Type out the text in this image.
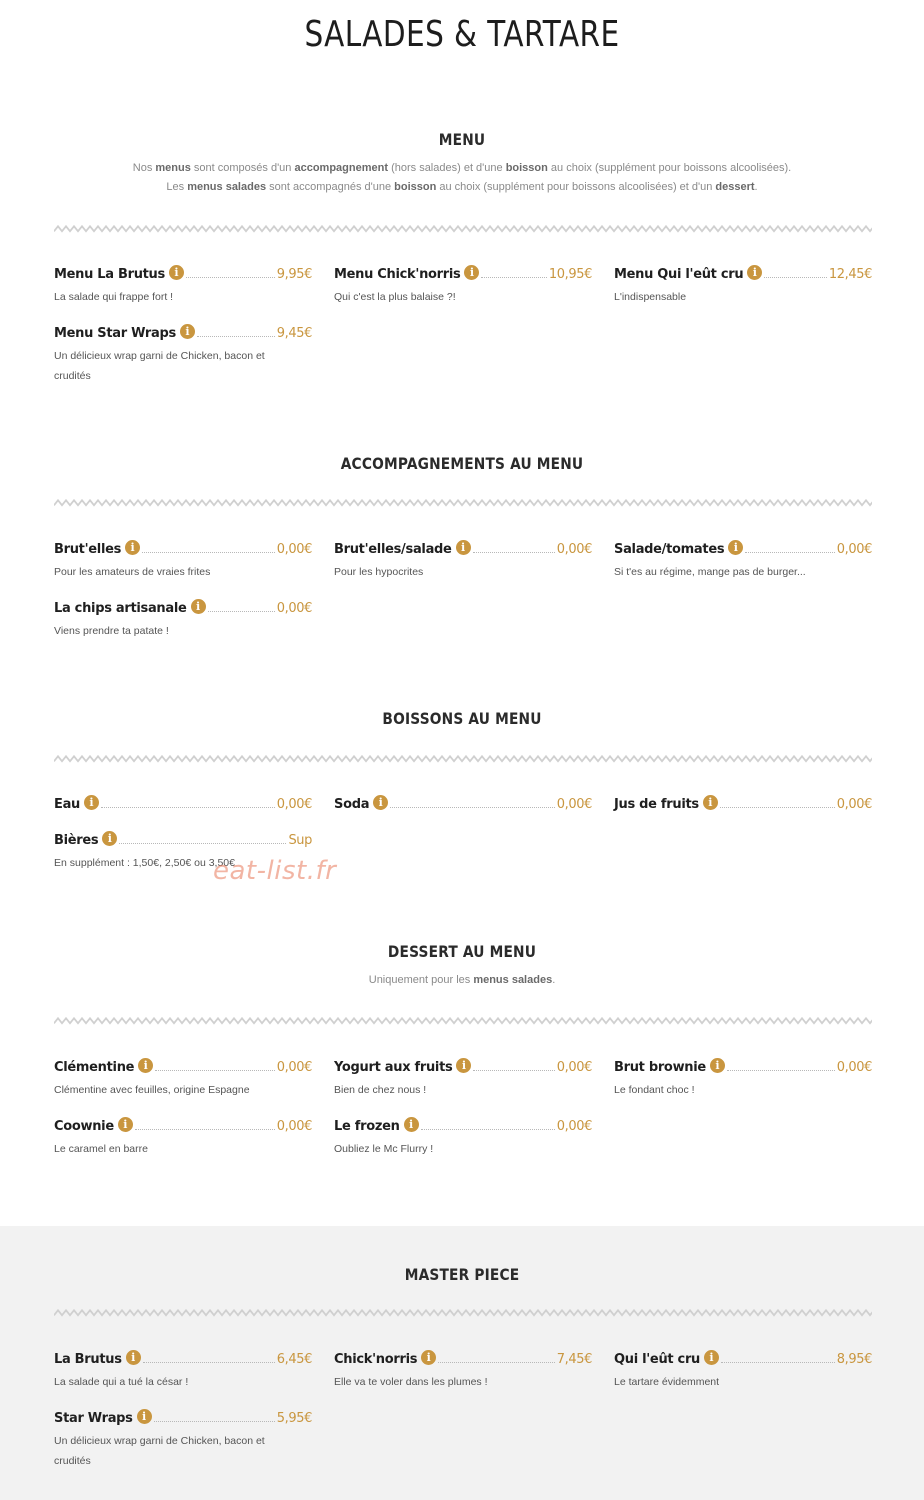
SALADES & TARTARE
MENU
Nos menus sont composés d'un accompagnement (hors salades) et d'une boisson au choix (supplément pour boissons alcoolisées).
Les menus salades sont accompagnés d'une boisson au choix (supplément pour boissons alcoolisées) et d'un dessert.
Menu La Brutus i	9,95€
La salade qui frappe fort !
Menu Chick'norris i	10,95€
Qui c'est la plus balaise ?!
Menu Qui l'eût cru i	12,45€
L'indispensable
Menu Star Wraps i	9,45€
Un délicieux wrap garni de Chicken, bacon et crudités
ACCOMPAGNEMENTS AU MENU
Brut'elles i	0,00€
Pour les amateurs de vraies frites
Brut'elles/salade i	0,00€
Pour les hypocrites
Salade/tomates i	0,00€
Si t'es au régime, mange pas de burger...
La chips artisanale i	0,00€
Viens prendre ta patate !
BOISSONS AU MENU
Eau i	0,00€ Soda i	0,00€ Jus de fruits i	0,00€
Bières i	Sup
En supplément : 1,50€, 2,50€ ou 3,50€
DESSERT AU MENU
Uniquement pour les menus salades.
Clémentine i	0,00€
Clémentine avec feuilles, origine Espagne
Yogurt aux fruits i	0,00€
Bien de chez nous !
Brut brownie i	0,00€
Le fondant choc !
Coownie i	0,00€
Le caramel en barre
Le frozen i	0,00€
Oubliez le Mc Flurry !
MASTER PIECE
La Brutus i	6,45€
La salade qui a tué la césar !
Chick'norris i	7,45€
Elle va te voler dans les plumes !
Qui l'eût cru i	8,95€
Le tartare évidemment
Star Wraps i	5,95€
Un délicieux wrap garni de Chicken, bacon et crudités
eat-list.fr
